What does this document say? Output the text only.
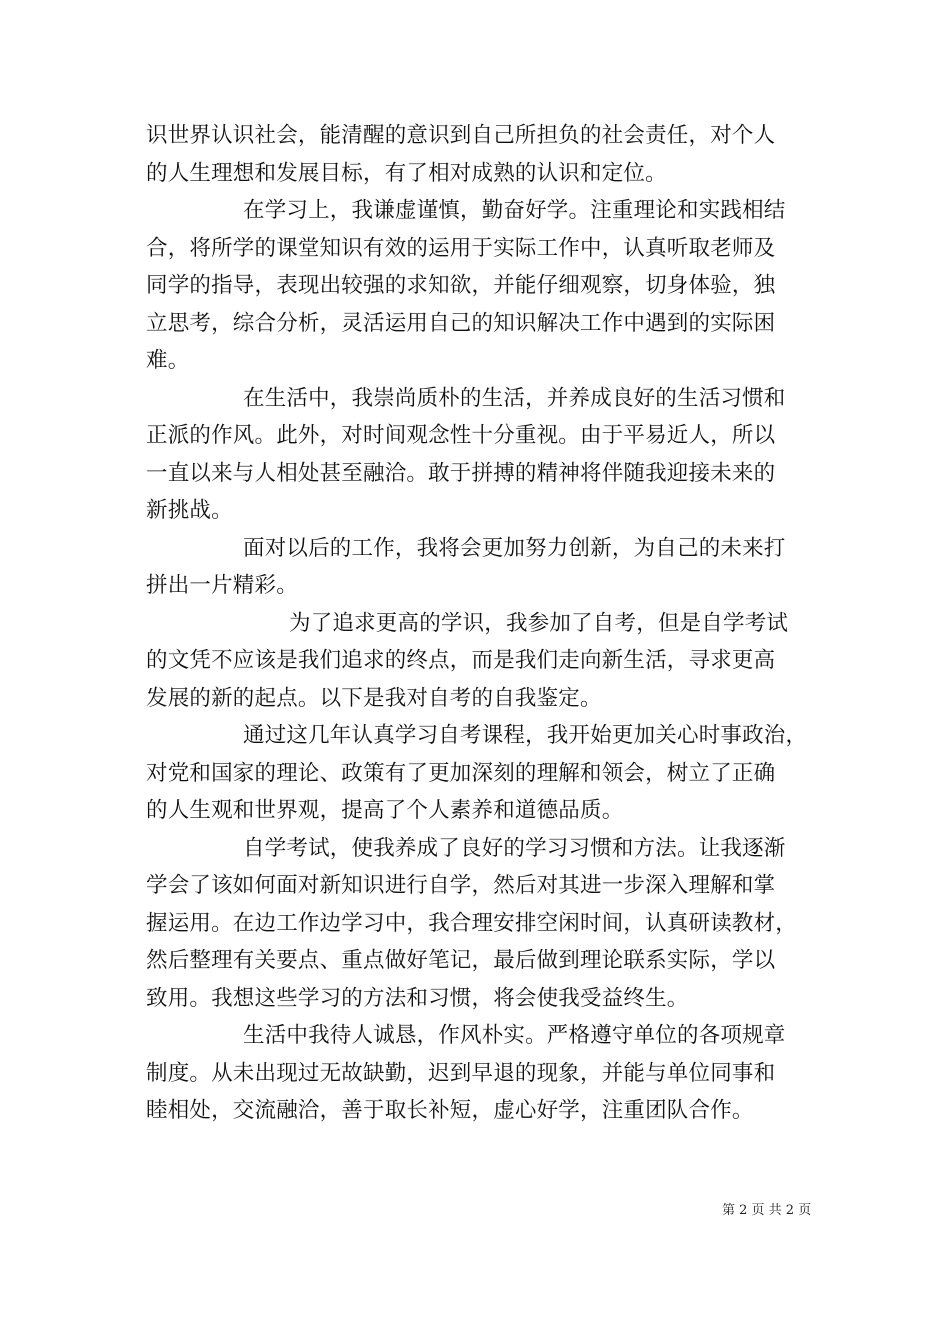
识世界认识社会，能清醒的意识到自己所担负的社会责任，对个人
的人生理想和发展目标，有了相对成熟的认识和定位。

在学习上，我谦虚谨慎，勤奋好学。注重理论和实践相结
合，将所学的课堂知识有效的运用于实际工作中，认真听取老师及
同学的指导，表现出较强的求知欲，并能仔细观察，切身体验，独
立思考，综合分析，灵活运用自己的知识解决工作中遇到的实际困
难。

在生活中，我崇尚质朴的生活，并养成良好的生活习惯和
正派的作风。此外，对时间观念性十分重视。由于平易近人，所以
一直以来与人相处甚至融洽。敢于拼搏的精神将伴随我迎接未来的
新挑战。

面对以后的工作，我将会更加努力创新，为自己的未来打
拼出一片精彩。

为了追求更高的学识，我参加了自考，但是自学考试
的文凭不应该是我们追求的终点，而是我们走向新生活，寻求更高
发展的新的起点。以下是我对自考的自我鉴定。

通过这几年认真学习自考课程，我开始更加关心时事政治，
对党和国家的理论、政策有了更加深刻的理解和领会，树立了正确
的人生观和世界观，提高了个人素养和道德品质。

自学考试，使我养成了良好的学习习惯和方法。让我逐渐
学会了该如何面对新知识进行自学，然后对其进一步深入理解和掌
握运用。在边工作边学习中，我合理安排空闲时间，认真研读教材，
然后整理有关要点、重点做好笔记，最后做到理论联系实际，学以
致用。我想这些学习的方法和习惯，将会使我受益终生。

生活中我待人诚恳，作风朴实。严格遵守单位的各项规章
制度。从未出现过无故缺勤，迟到早退的现象，并能与单位同事和
睦相处，交流融洽，善于取长补短，虚心好学，注重团队合作。

第 2 页 共 2 页
